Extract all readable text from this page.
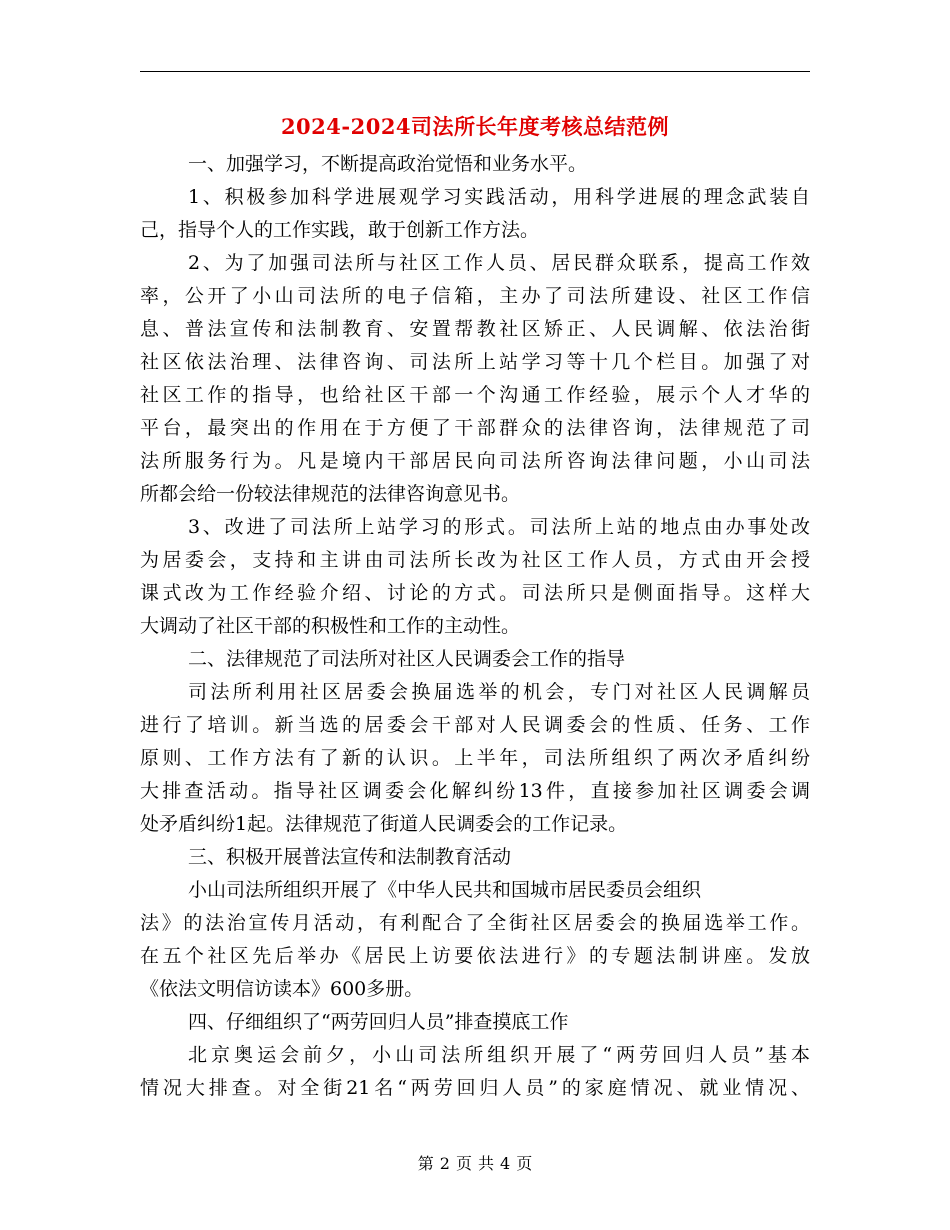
2024-2024司法所长年度考核总结范例
一、加强学习，不断提高政治觉悟和业务水平。
1、积极参加科学进展观学习实践活动，用科学进展的理念武装自
己，指导个人的工作实践，敢于创新工作方法。
2、为了加强司法所与社区工作人员、居民群众联系，提高工作效
率，公开了小山司法所的电子信箱，主办了司法所建设、社区工作信
息、普法宣传和法制教育、安置帮教社区矫正、人民调解、依法治街
社区依法治理、法律咨询、司法所上站学习等十几个栏目。加强了对
社区工作的指导，也给社区干部一个沟通工作经验，展示个人才华的
平台，最突出的作用在于方便了干部群众的法律咨询，法律规范了司
法所服务行为。凡是境内干部居民向司法所咨询法律问题，小山司法
所都会给一份较法律规范的法律咨询意见书。
3、改进了司法所上站学习的形式。司法所上站的地点由办事处改
为居委会，支持和主讲由司法所长改为社区工作人员，方式由开会授
课式改为工作经验介绍、讨论的方式。司法所只是侧面指导。这样大
大调动了社区干部的积极性和工作的主动性。
二、法律规范了司法所对社区人民调委会工作的指导
司法所利用社区居委会换届选举的机会，专门对社区人民调解员
进行了培训。新当选的居委会干部对人民调委会的性质、任务、工作
原则、工作方法有了新的认识。上半年，司法所组织了两次矛盾纠纷
大排查活动。指导社区调委会化解纠纷13件，直接参加社区调委会调
处矛盾纠纷1起。法律规范了街道人民调委会的工作记录。
三、积极开展普法宣传和法制教育活动
小山司法所组织开展了《中华人民共和国城市居民委员会组织
法》的法治宣传月活动，有利配合了全街社区居委会的换届选举工作。
在五个社区先后举办《居民上访要依法进行》的专题法制讲座。发放
《依法文明信访读本》600多册。
四、仔细组织了“两劳回归人员”排查摸底工作
北京奥运会前夕，小山司法所组织开展了“两劳回归人员”基本
情况大排查。对全街21名“两劳回归人员”的家庭情况、就业情况、
第 2 页 共 4 页
